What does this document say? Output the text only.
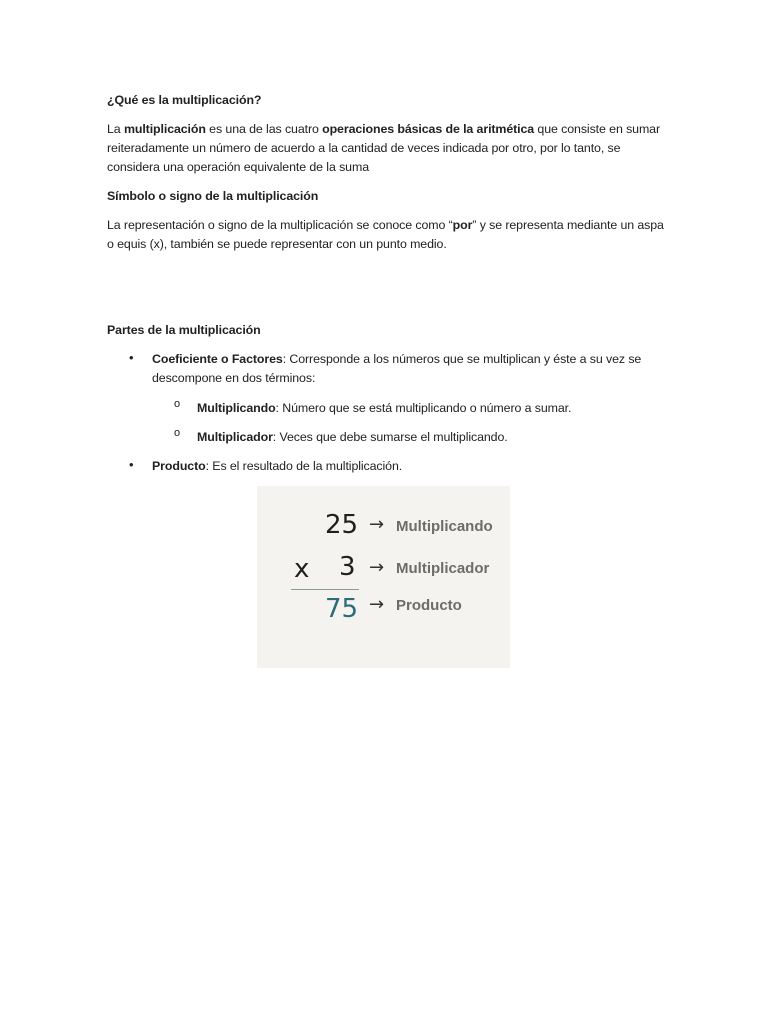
¿Qué es la multiplicación?
La multiplicación es una de las cuatro operaciones básicas de la aritmética que consiste en sumar reiteradamente un número de acuerdo a la cantidad de veces indicada por otro, por lo tanto, se considera una operación equivalente de la suma
Símbolo o signo de la multiplicación
La representación o signo de la multiplicación se conoce como “por” y se representa mediante un aspa o equis (x), también se puede representar con un punto medio.
Partes de la multiplicación
• Coeficiente o Factores: Corresponde a los números que se multiplican y éste a su vez se descompone en dos términos:
o Multiplicando: Número que se está multiplicando o número a sumar.
o Multiplicador: Veces que debe sumarse el multiplicando.
• Producto: Es el resultado de la multiplicación.
25 → Multiplicando
x 3 → Multiplicador
75 → Producto
